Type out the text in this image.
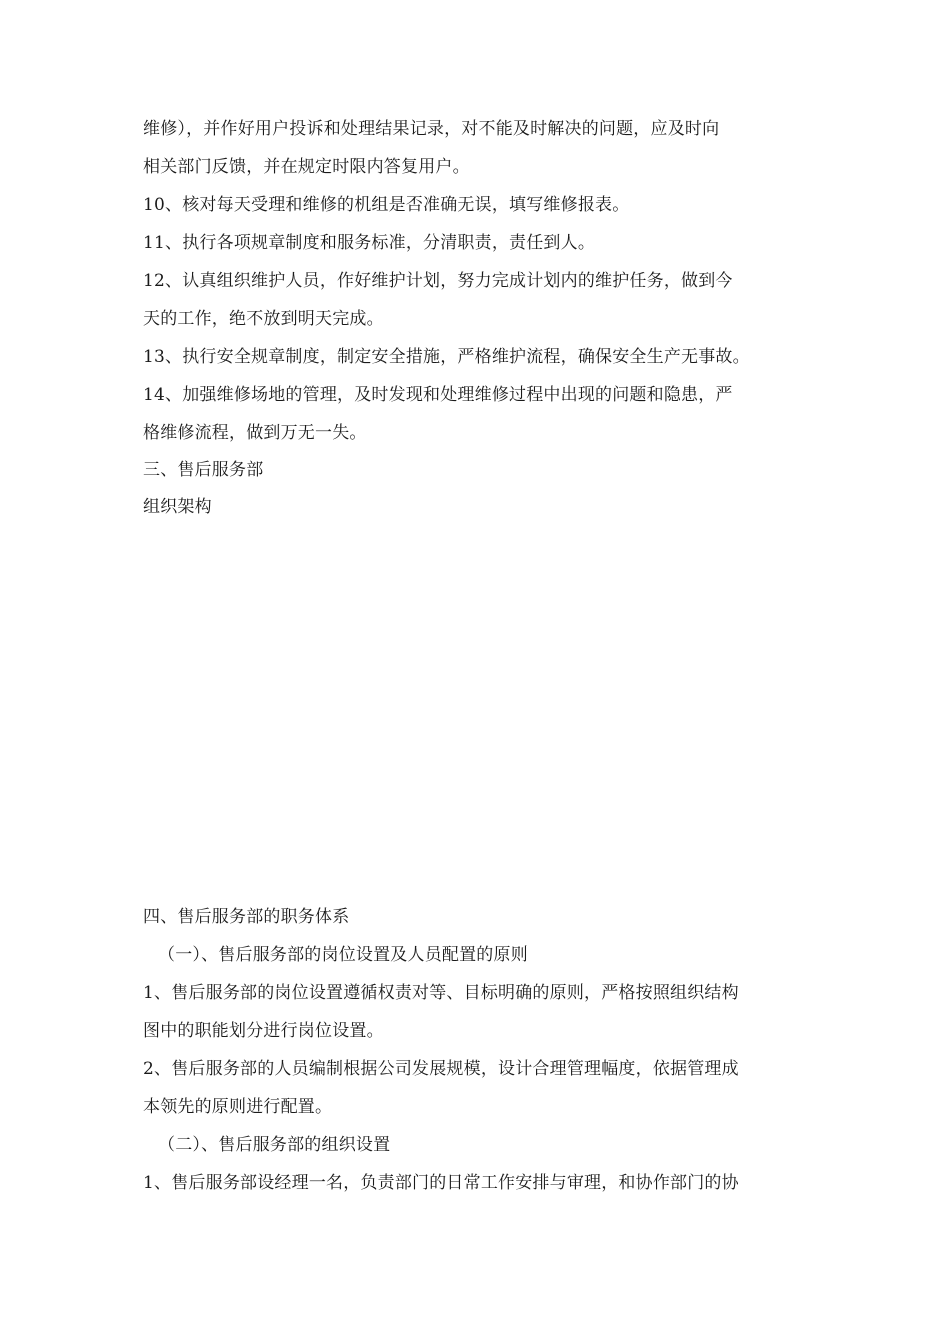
维修），并作好用户投诉和处理结果记录，对不能及时解决的问题，应及时向
相关部门反馈，并在规定时限内答复用户。
10、核对每天受理和维修的机组是否准确无误，填写维修报表。
11、执行各项规章制度和服务标准，分清职责，责任到人。
12、认真组织维护人员，作好维护计划，努力完成计划内的维护任务，做到今
天的工作，绝不放到明天完成。
13、执行安全规章制度，制定安全措施，严格维护流程，确保安全生产无事故。
14、加强维修场地的管理，及时发现和处理维修过程中出现的问题和隐患，严
格维修流程，做到万无一失。
三、售后服务部
组织架构
四、售后服务部的职务体系
（一）、售后服务部的岗位设置及人员配置的原则
1、售后服务部的岗位设置遵循权责对等、目标明确的原则，严格按照组织结构
图中的职能划分进行岗位设置。
2、售后服务部的人员编制根据公司发展规模，设计合理管理幅度，依据管理成
本领先的原则进行配置。
（二）、售后服务部的组织设置
1、售后服务部设经理一名，负责部门的日常工作安排与审理，和协作部门的协
